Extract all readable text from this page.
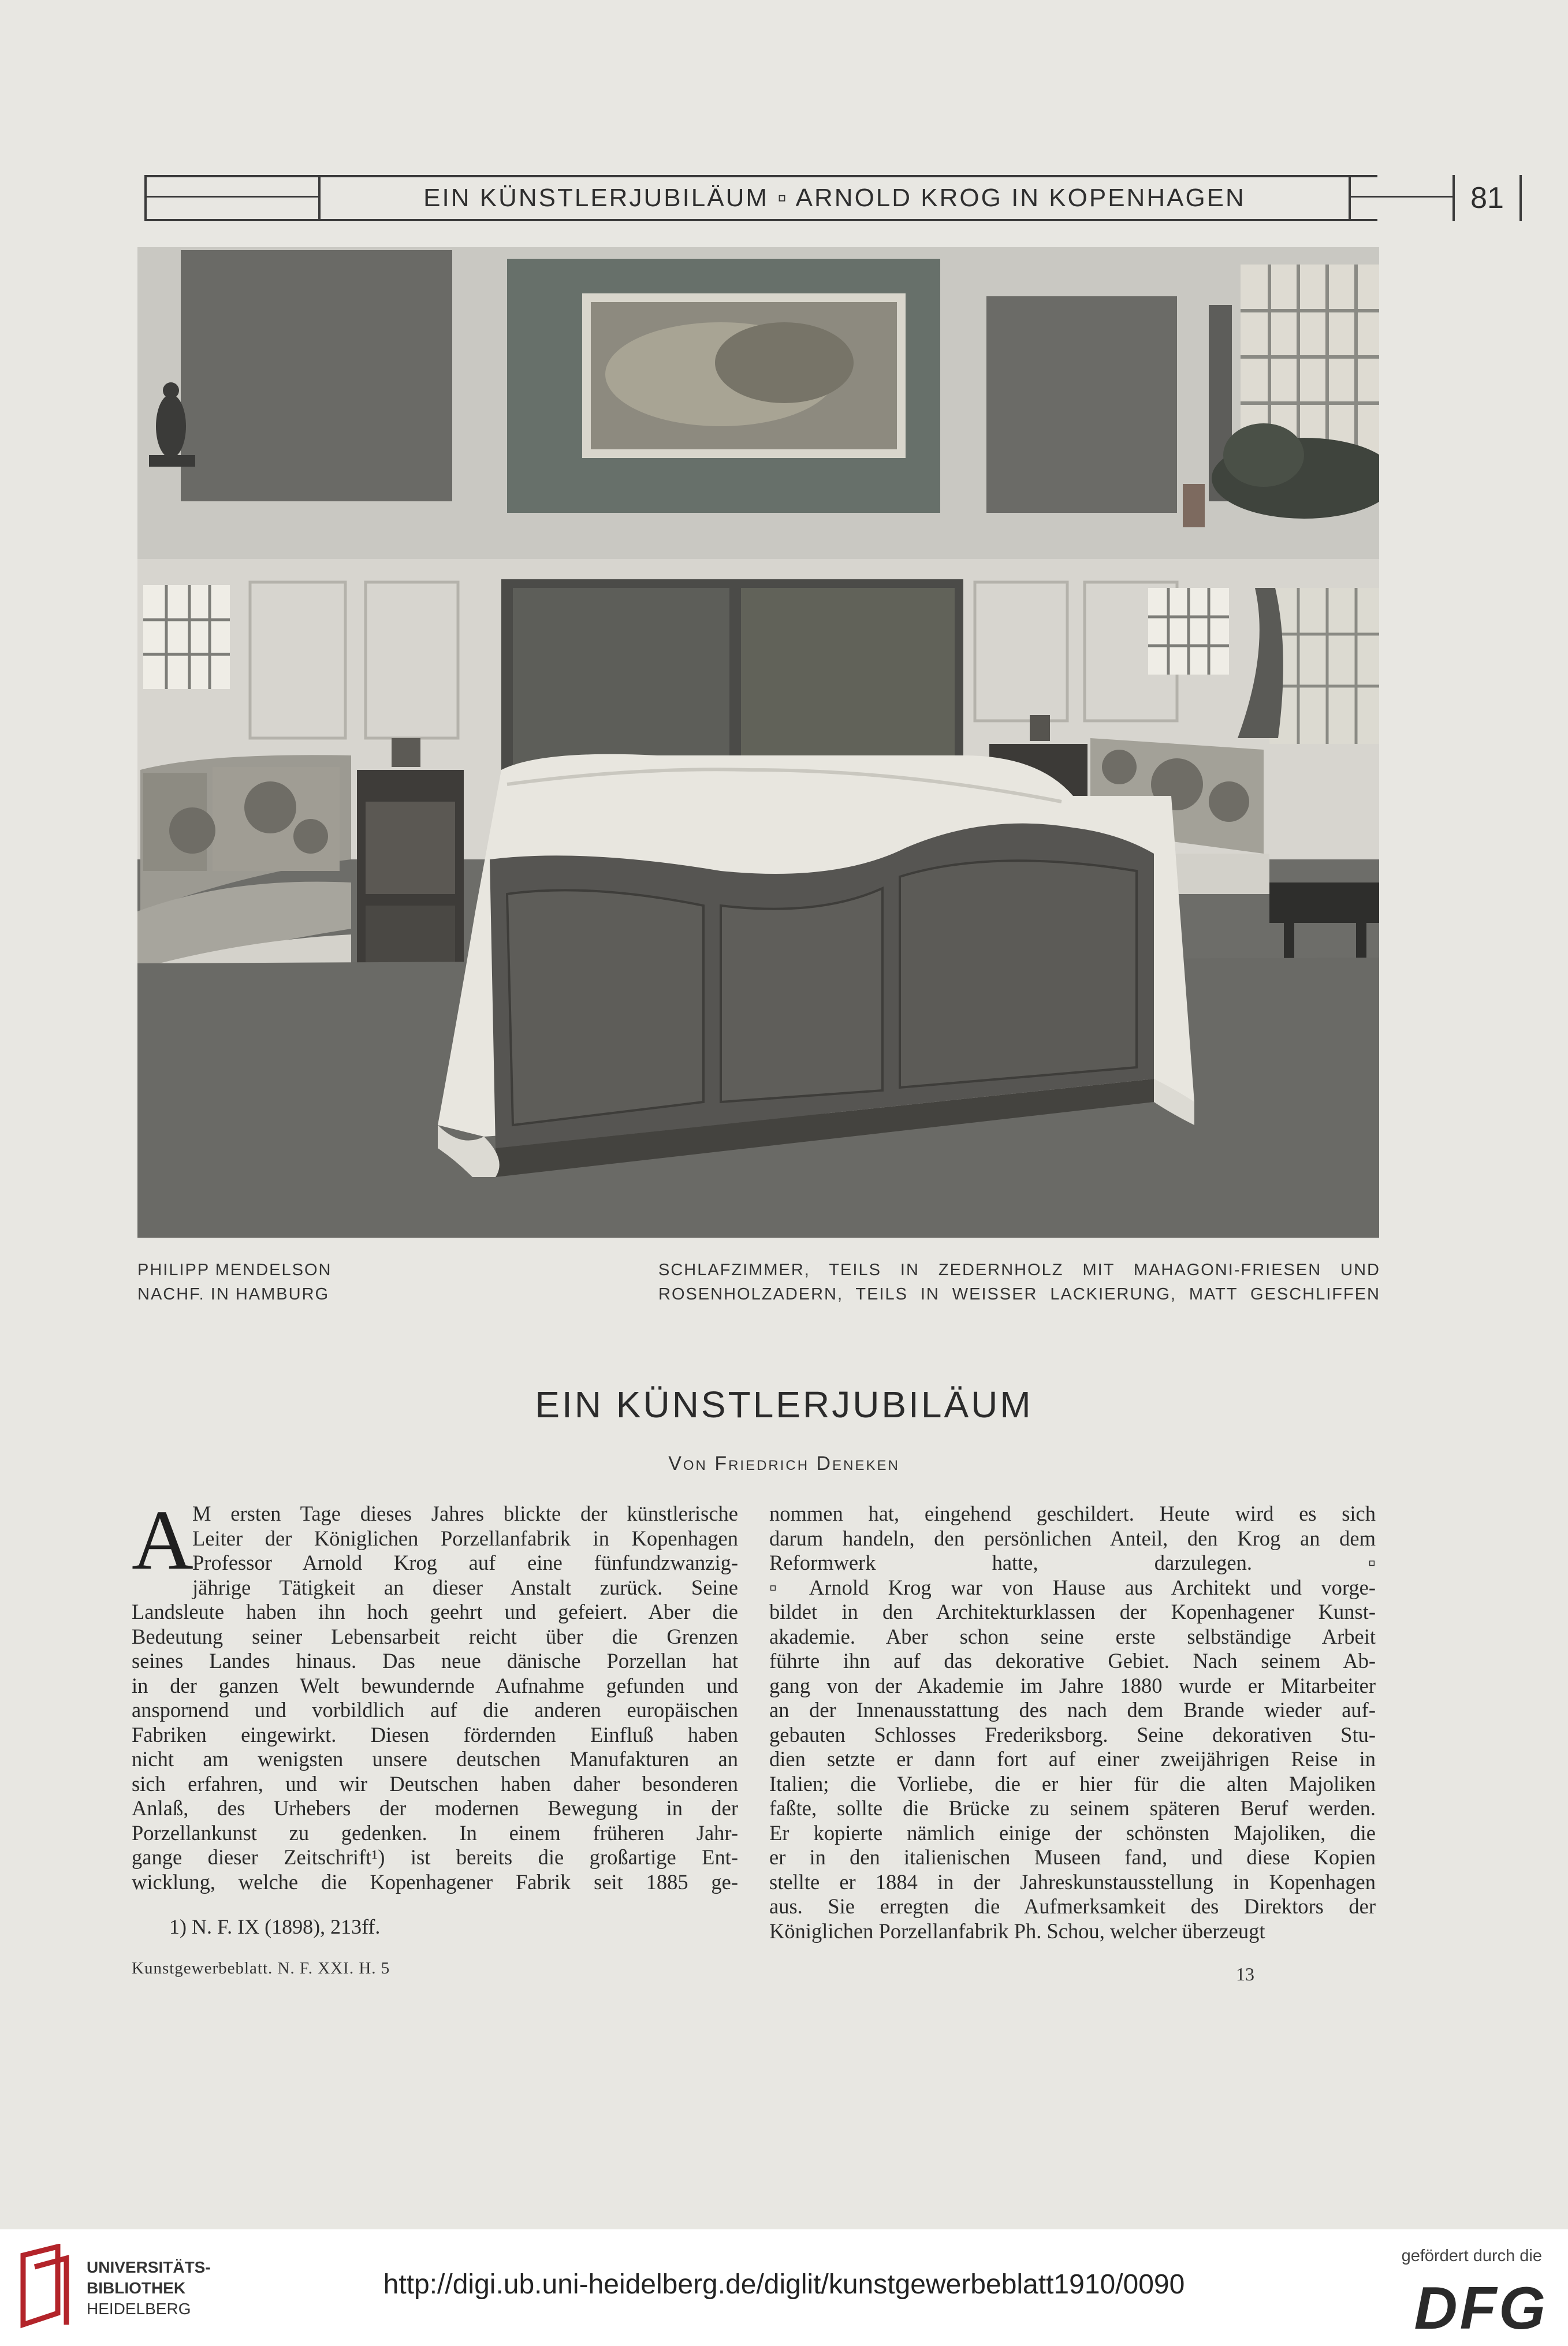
EIN KÜNSTLERJUBILÄUM ▫ ARNOLD KROG IN KOPENHAGEN	81
PHILIPP MENDELSON
NACHF. IN HAMBURG
SCHLAFZIMMER, TEILS IN ZEDERNHOLZ MIT MAHAGONI-FRIESEN UND
ROSENHOLZADERN, TEILS IN WEISSER LACKIERUNG, MATT GESCHLIFFEN
EIN KÜNSTLERJUBILÄUM
Von Friedrich Deneken
A

M ersten Tage dieses Jahres blickte der künstlerische

Leiter der Königlichen Porzellanfabrik in Kopenhagen

Professor Arnold Krog auf eine fünfundzwanzig-

jährige Tätigkeit an dieser Anstalt zurück. Seine

Landsleute haben ihn hoch geehrt und gefeiert. Aber die

Bedeutung seiner Lebensarbeit reicht über die Grenzen

seines Landes hinaus. Das neue dänische Porzellan hat

in der ganzen Welt bewundernde Aufnahme gefunden und

anspornend und vorbildlich auf die anderen europäischen

Fabriken eingewirkt. Diesen fördernden Einfluß haben

nicht am wenigsten unsere deutschen Manufakturen an

sich erfahren, und wir Deutschen haben daher besonderen

Anlaß, des Urhebers der modernen Bewegung in der

Porzellankunst zu gedenken. In einem früheren Jahr-

gange dieser Zeitschrift¹) ist bereits die großartige Ent-

wicklung, welche die Kopenhagener Fabrik seit 1885 ge-

nommen hat, eingehend geschildert. Heute wird es sich

darum handeln, den persönlichen Anteil, den Krog an dem

Reformwerk hatte, darzulegen. ▫

▫ Arnold Krog war von Hause aus Architekt und vorge-

bildet in den Architekturklassen der Kopenhagener Kunst-

akademie. Aber schon seine erste selbständige Arbeit

führte ihn auf das dekorative Gebiet. Nach seinem Ab-

gang von der Akademie im Jahre 1880 wurde er Mitarbeiter

an der Innenausstattung des nach dem Brande wieder auf-

gebauten Schlosses Frederiksborg. Seine dekorativen Stu-

dien setzte er dann fort auf einer zweijährigen Reise in

Italien; die Vorliebe, die er hier für die alten Majoliken

faßte, sollte die Brücke zu seinem späteren Beruf werden.

Er kopierte nämlich einige der schönsten Majoliken, die

er in den italienischen Museen fand, und diese Kopien

stellte er 1884 in der Jahreskunstausstellung in Kopenhagen

aus. Sie erregten die Aufmerksamkeit des Direktors der

Königlichen Porzellanfabrik Ph. Schou, welcher überzeugt

1) N. F. IX (1898), 213ff.
Kunstgewerbeblatt. N. F. XXI. H. 5	13
UNIVERSITÄTS-
BIBLIOTHEK
HEIDELBERG
http://digi.ub.uni-heidelberg.de/diglit/kunstgewerbeblatt1910/0090
gefördert durch die
DFG
